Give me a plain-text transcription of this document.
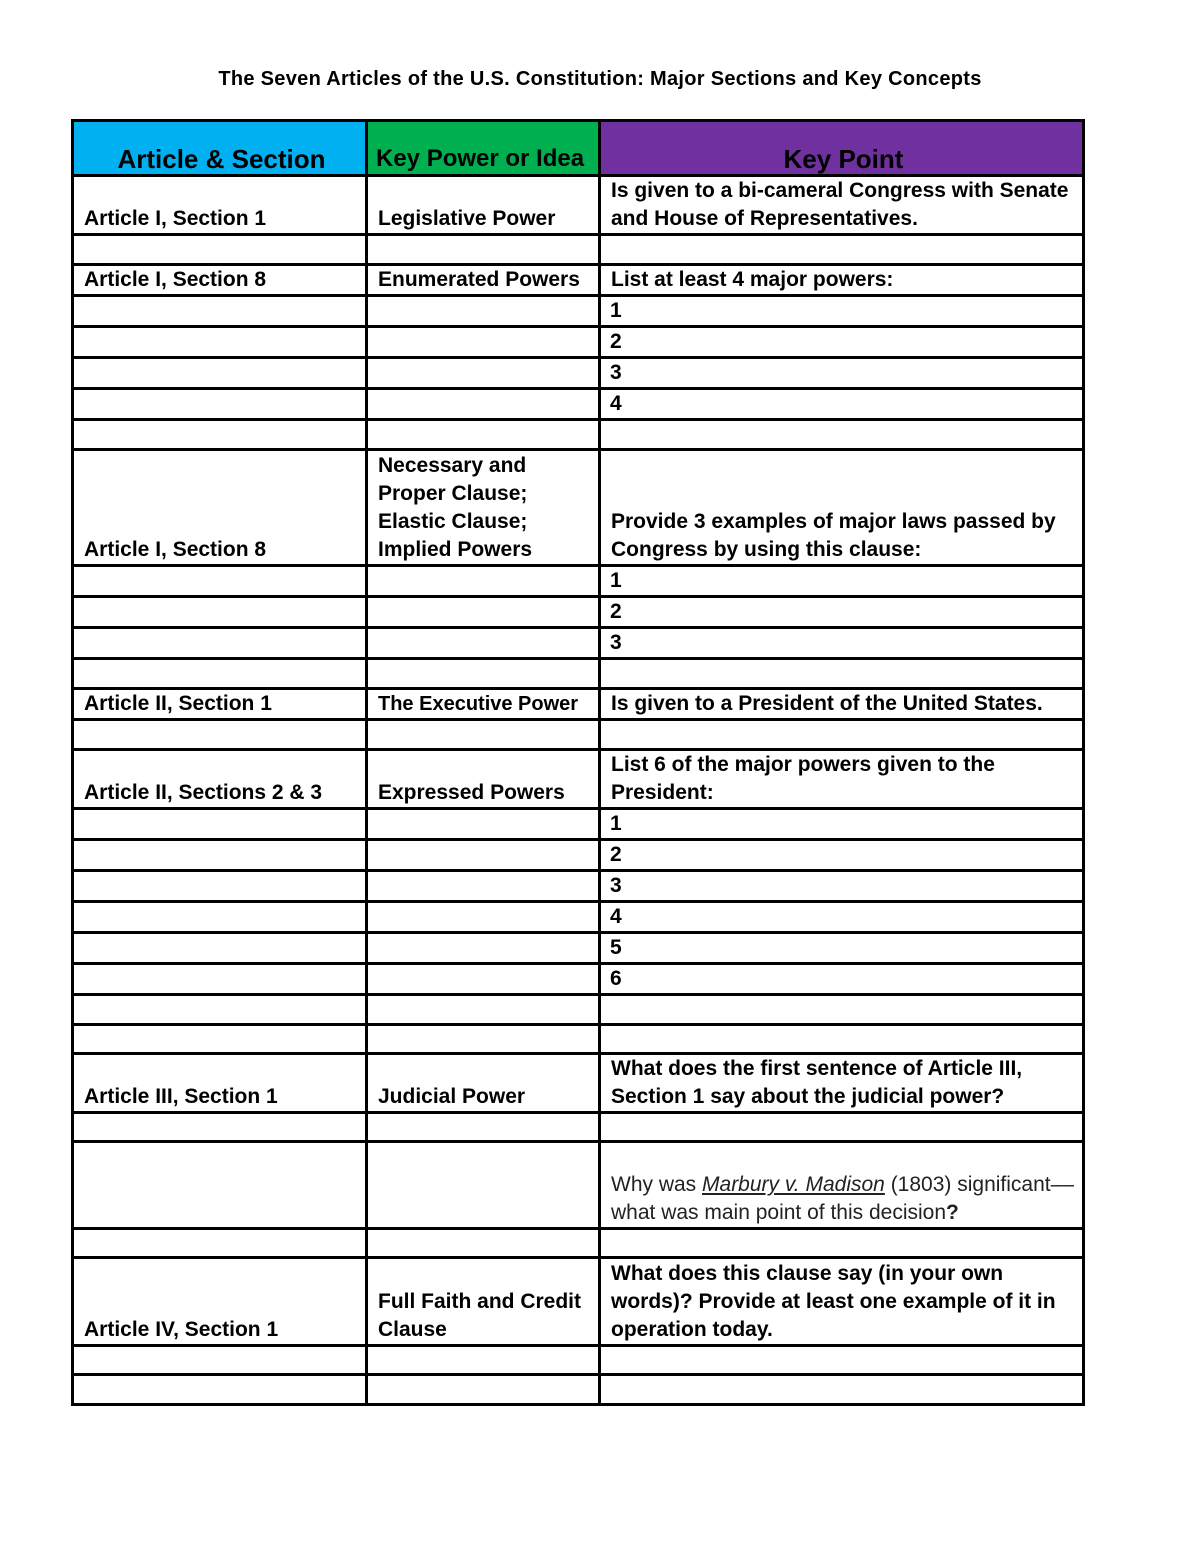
The Seven Articles of the U.S. Constitution: Major Sections and Key Concepts
Article & Section	Key Power or Idea	Key Point
Article I, Section 1	Legislative Power	Is given to a bi-cameral Congress with Senate and House of Representatives.

Article I, Section 8	Enumerated Powers	List at least 4 major powers:
		1
		2
		3
		4

Article I, Section 8	Necessary and Proper Clause; Elastic Clause; Implied Powers	Provide 3 examples of major laws passed by Congress by using this clause:
		1
		2
		3

Article II, Section 1	The Executive Power	Is given to a President of the United States.

Article II, Sections 2 & 3	Expressed Powers	List 6 of the major powers given to the President:
		1
		2
		3
		4
		5
		6

Article III, Section 1	Judicial Power	What does the first sentence of Article III, Section 1 say about the judicial power?

		Why was Marbury v. Madison (1803) significant––what was main point of this decision?

Article IV, Section 1	Full Faith and Credit Clause	What does this clause say (in your own words)? Provide at least one example of it in operation today.
